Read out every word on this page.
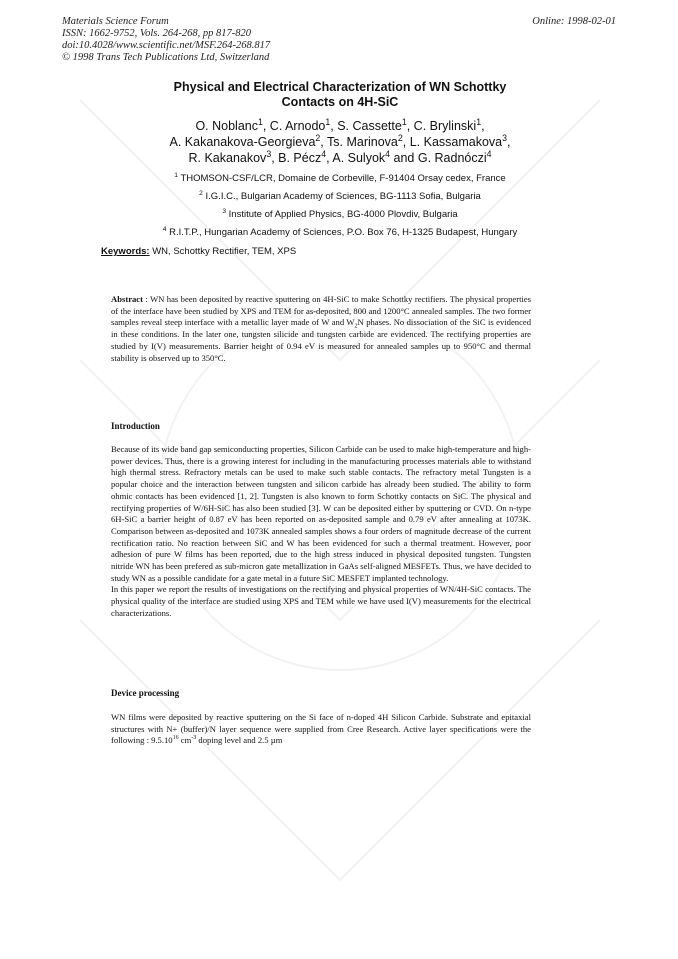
Materials Science Forum
ISSN: 1662-9752, Vols. 264-268, pp 817-820
doi:10.4028/www.scientific.net/MSF.264-268.817
© 1998 Trans Tech Publications Ltd, Switzerland
Online: 1998-02-01
Physical and Electrical Characterization of WN Schottky
Contacts on 4H-SiC
O. Noblanc$^1$, C. Arnodo$^1$, S. Cassette$^1$, C. Brylinski$^1$,
A. Kakanakova-Georgieva$^2$, Ts. Marinova$^2$, L. Kassamakova$^3$,
R. Kakanakov$^3$, B. Pécz$^4$, A. Sulyok$^4$ and G. Radnóczi$^4$
$^1$ THOMSON-CSF/LCR, Domaine de Corbeville, F-91404 Orsay cedex, France
$^2$ I.G.I.C., Bulgarian Academy of Sciences, BG-1113 Sofia, Bulgaria
$^3$ Institute of Applied Physics, BG-4000 Plovdiv, Bulgaria
$^4$ R.I.T.P., Hungarian Academy of Sciences, P.O. Box 76, H-1325 Budapest, Hungary
Keywords: WN, Schottky Rectifier, TEM, XPS
Abstract : WN has been deposited by reactive sputtering on 4H-SiC to make Schottky rectifiers. The physical properties of the interface have been studied by XPS and TEM for as-deposited, 800 and 1200°C annealed samples. The two former samples reveal steep interface with a metallic layer made of W and $W_2N$ phases. No dissociation of the SiC is evidenced in these conditions. In the later one, tungsten silicide and tungsten carbide are evidenced. The rectifying properties are studied by I(V) measurements. Barrier height of 0.94 eV is measured for annealed samples up to 950°C and thermal stability is observed up to 350°C.
Introduction
Because of its wide band gap semiconducting properties, Silicon Carbide can be used to make high-temperature and high-power devices. Thus, there is a growing interest for including in the manufacturing processes materials able to withstand high thermal stress. Refractory metals can be used to make such stable contacts. The refractory metal Tungsten is a popular choice and the interaction between tungsten and silicon carbide has already been studied. The ability to form ohmic contacts has been evidenced [1, 2]. Tungsten is also known to form Schottky contacts on SiC. The physical and rectifying properties of W/6H-SiC has also been studied [3]. W can be deposited either by sputtering or CVD. On n-type 6H-SiC a barrier height of 0.87 eV has been reported on as-deposited sample and 0.79 eV after annealing at 1073K. Comparison between as-deposited and 1073K annealed samples shows a four orders of magnitude decrease of the current rectification ratio. No reaction between SiC and W has been evidenced for such a thermal treatment. However, poor adhesion of pure W films has been reported, due to the high stress induced in physical deposited tungsten. Tungsten nitride WN has been prefered as sub-micron gate metallization in GaAs self-aligned MESFETs. Thus, we have decided to study WN as a possible candidate for a gate metal in a future SiC MESFET implanted technology.
In this paper we report the results of investigations on the rectifying and physical properties of WN/4H-SiC contacts. The physical quality of the interface are studied using XPS and TEM while we have used I(V) measurements for the electrical characterizations.
Device processing
WN films were deposited by reactive sputtering on the Si face of n-doped 4H Silicon Carbide. Substrate and epitaxial structures with N+ (buffer)/N layer sequence were supplied from Cree Research. Active layer specifications were the following : 9.5.10$^{16}$ $cm^{-3}$ doping level and 2.5 µm
